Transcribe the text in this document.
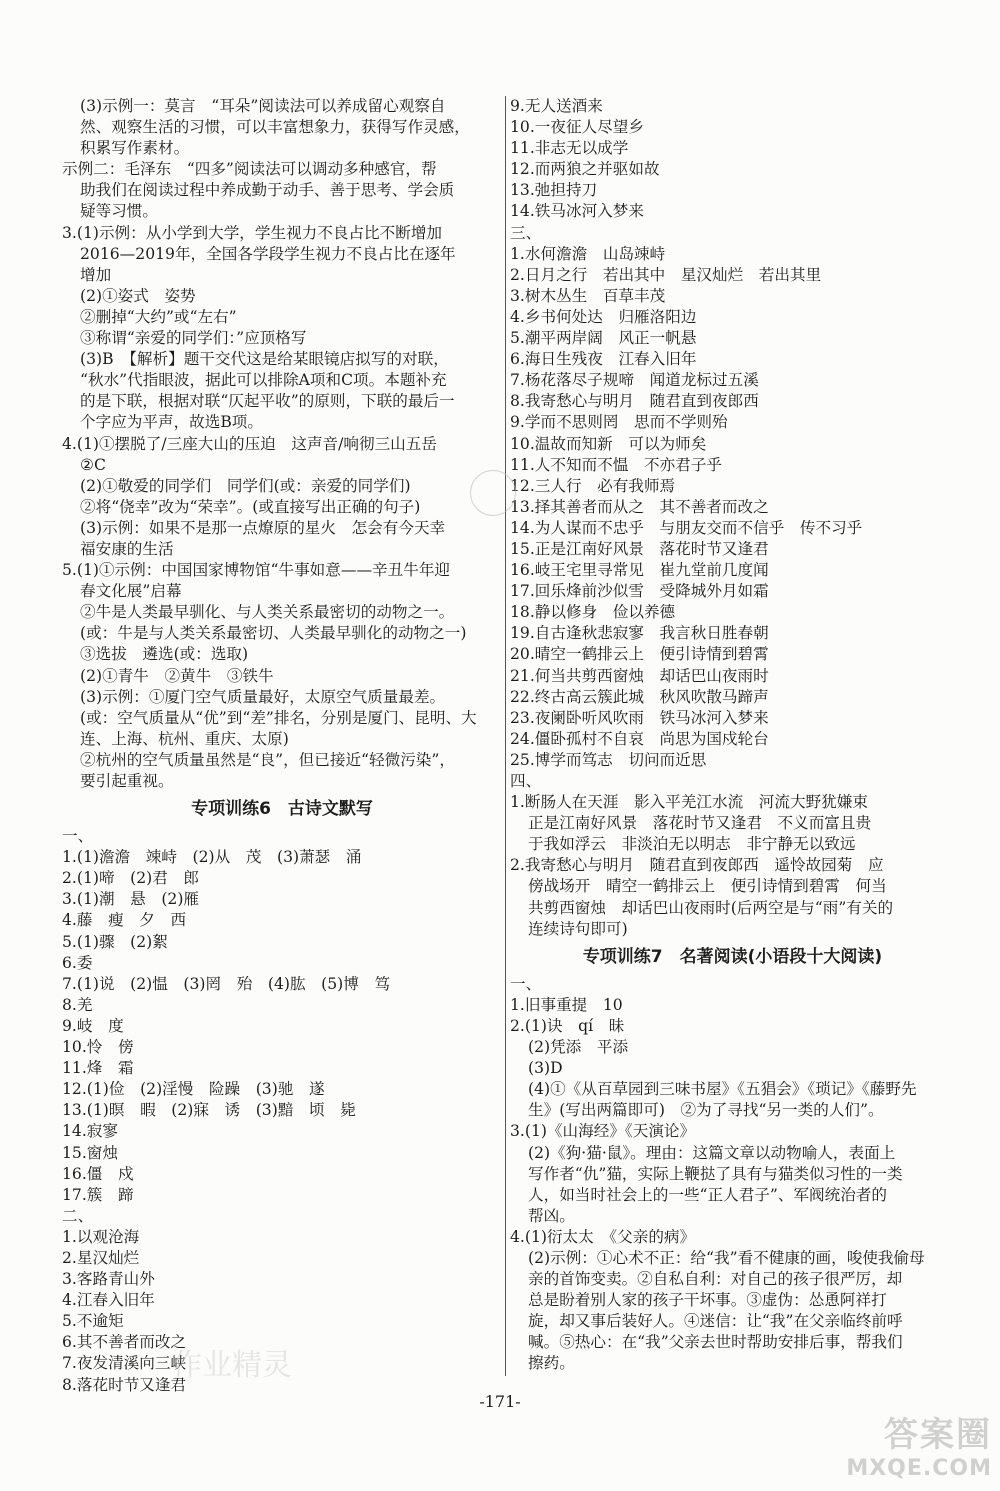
(3)示例一：莫言　“耳朵”阅读法可以养成留心观察自
然、观察生活的习惯，可以丰富想象力，获得写作灵感，
积累写作素材。
示例二：毛泽东　“四多”阅读法可以调动多种感官，帮
助我们在阅读过程中养成勤于动手、善于思考、学会质
疑等习惯。
3.(1)示例：从小学到大学，学生视力不良占比不断增加
2016—2019年，全国各学段学生视力不良占比在逐年
增加
(2)①姿式　姿势
②删掉“大约”或“左右”
③称谓“亲爱的同学们：”应顶格写
(3)B　【解析】题干交代这是给某眼镜店拟写的对联，
“秋水”代指眼波，据此可以排除A项和C项。本题补充
的是下联，根据对联“仄起平收”的原则，下联的最后一
个字应为平声，故选B项。
4.(1)①摆脱了/三座大山的压迫　这声音/响彻三山五岳
②C
(2)①敬爱的同学们　同学们(或：亲爱的同学们)
②将“侥幸”改为“荣幸”。(或直接写出正确的句子)
(3)示例：如果不是那一点燎原的星火　怎会有今天幸
福安康的生活
5.(1)①示例：中国国家博物馆“牛事如意——辛丑牛年迎
春文化展”启幕
②牛是人类最早驯化、与人类关系最密切的动物之一。
(或：牛是与人类关系最密切、人类最早驯化的动物之一)
③选拔　遴选(或：选取)
(2)①青牛　②黄牛　③铁牛
(3)示例：①厦门空气质量最好，太原空气质量最差。
(或：空气质量从“优”到“差”排名，分别是厦门、昆明、大
连、上海、杭州、重庆、太原)
②杭州的空气质量虽然是“良”，但已接近“轻微污染”，
要引起重视。
专项训练6　古诗文默写
一、
1.(1)澹澹　竦峙　(2)从　茂　(3)萧瑟　涌
2.(1)啼　(2)君　郎
3.(1)潮　悬　(2)雁
4.藤　瘦　夕　西
5.(1)骤　(2)絮
6.委
7.(1)说　(2)愠　(3)罔　殆　(4)肱　(5)博　笃
8.羌
9.岐　度
10.怜　傍
11.烽　霜
12.(1)俭　(2)淫慢　险躁　(3)驰　遂
13.(1)暝　暇　(2)寐　诱　(3)黯　顷　毙
14.寂寥
15.窗烛
16.僵　戍
17.簇　蹄
二、
1.以观沧海
2.星汉灿烂
3.客路青山外
4.江春入旧年
5.不逾矩
6.其不善者而改之
7.夜发清溪向三峡
8.落花时节又逢君
9.无人送酒来
10.一夜征人尽望乡
11.非志无以成学
12.而两狼之并驱如故
13.弛担持刀
14.铁马冰河入梦来
三、
1.水何澹澹　山岛竦峙
2.日月之行　若出其中　星汉灿烂　若出其里
3.树木丛生　百草丰茂
4.乡书何处达　归雁洛阳边
5.潮平两岸阔　风正一帆悬
6.海日生残夜　江春入旧年
7.杨花落尽子规啼　闻道龙标过五溪
8.我寄愁心与明月　随君直到夜郎西
9.学而不思则罔　思而不学则殆
10.温故而知新　可以为师矣
11.人不知而不愠　不亦君子乎
12.三人行　必有我师焉
13.择其善者而从之　其不善者而改之
14.为人谋而不忠乎　与朋友交而不信乎　传不习乎
15.正是江南好风景　落花时节又逢君
16.岐王宅里寻常见　崔九堂前几度闻
17.回乐烽前沙似雪　受降城外月如霜
18.静以修身　俭以养德
19.自古逢秋悲寂寥　我言秋日胜春朝
20.晴空一鹤排云上　便引诗情到碧霄
21.何当共剪西窗烛　却话巴山夜雨时
22.终古高云簇此城　秋风吹散马蹄声
23.夜阑卧听风吹雨　铁马冰河入梦来
24.僵卧孤村不自哀　尚思为国戍轮台
25.博学而笃志　切问而近思
四、
1.断肠人在天涯　影入平羌江水流　河流大野犹嫌束
正是江南好风景　落花时节又逢君　不义而富且贵
于我如浮云　非淡泊无以明志　非宁静无以致远
2.我寄愁心与明月　随君直到夜郎西　遥怜故园菊　应
傍战场开　晴空一鹤排云上　便引诗情到碧霄　何当
共剪西窗烛　却话巴山夜雨时(后两空是与“雨”有关的
连续诗句即可)
专项训练7　名著阅读(小语段十大阅读)
一、
1.旧事重提　10
2.(1)诀　qí　昧
(2)凭添　平添
(3)D
(4)①《从百草园到三味书屋》《五猖会》《琐记》《藤野先
生》(写出两篇即可)　②为了寻找“另一类的人们”。
3.(1)《山海经》《天演论》
(2)《狗·猫·鼠》。理由：这篇文章以动物喻人，表面上
写作者“仇”猫，实际上鞭挞了具有与猫类似习性的一类
人，如当时社会上的一些“正人君子”、军阀统治者的
帮凶。
4.(1)衍太太　《父亲的病》
(2)示例：①心术不正：给“我”看不健康的画，唆使我偷母
亲的首饰变卖。②自私自利：对自己的孩子很严厉，却
总是盼着别人家的孩子干坏事。③虚伪：怂恿阿祥打
旋，却又事后装好人。④迷信：让“我”在父亲临终前呼
喊。⑤热心：在“我”父亲去世时帮助安排后事，帮我们
擦药。
-171-
作业精灵
答案圈
MXQE.COM
